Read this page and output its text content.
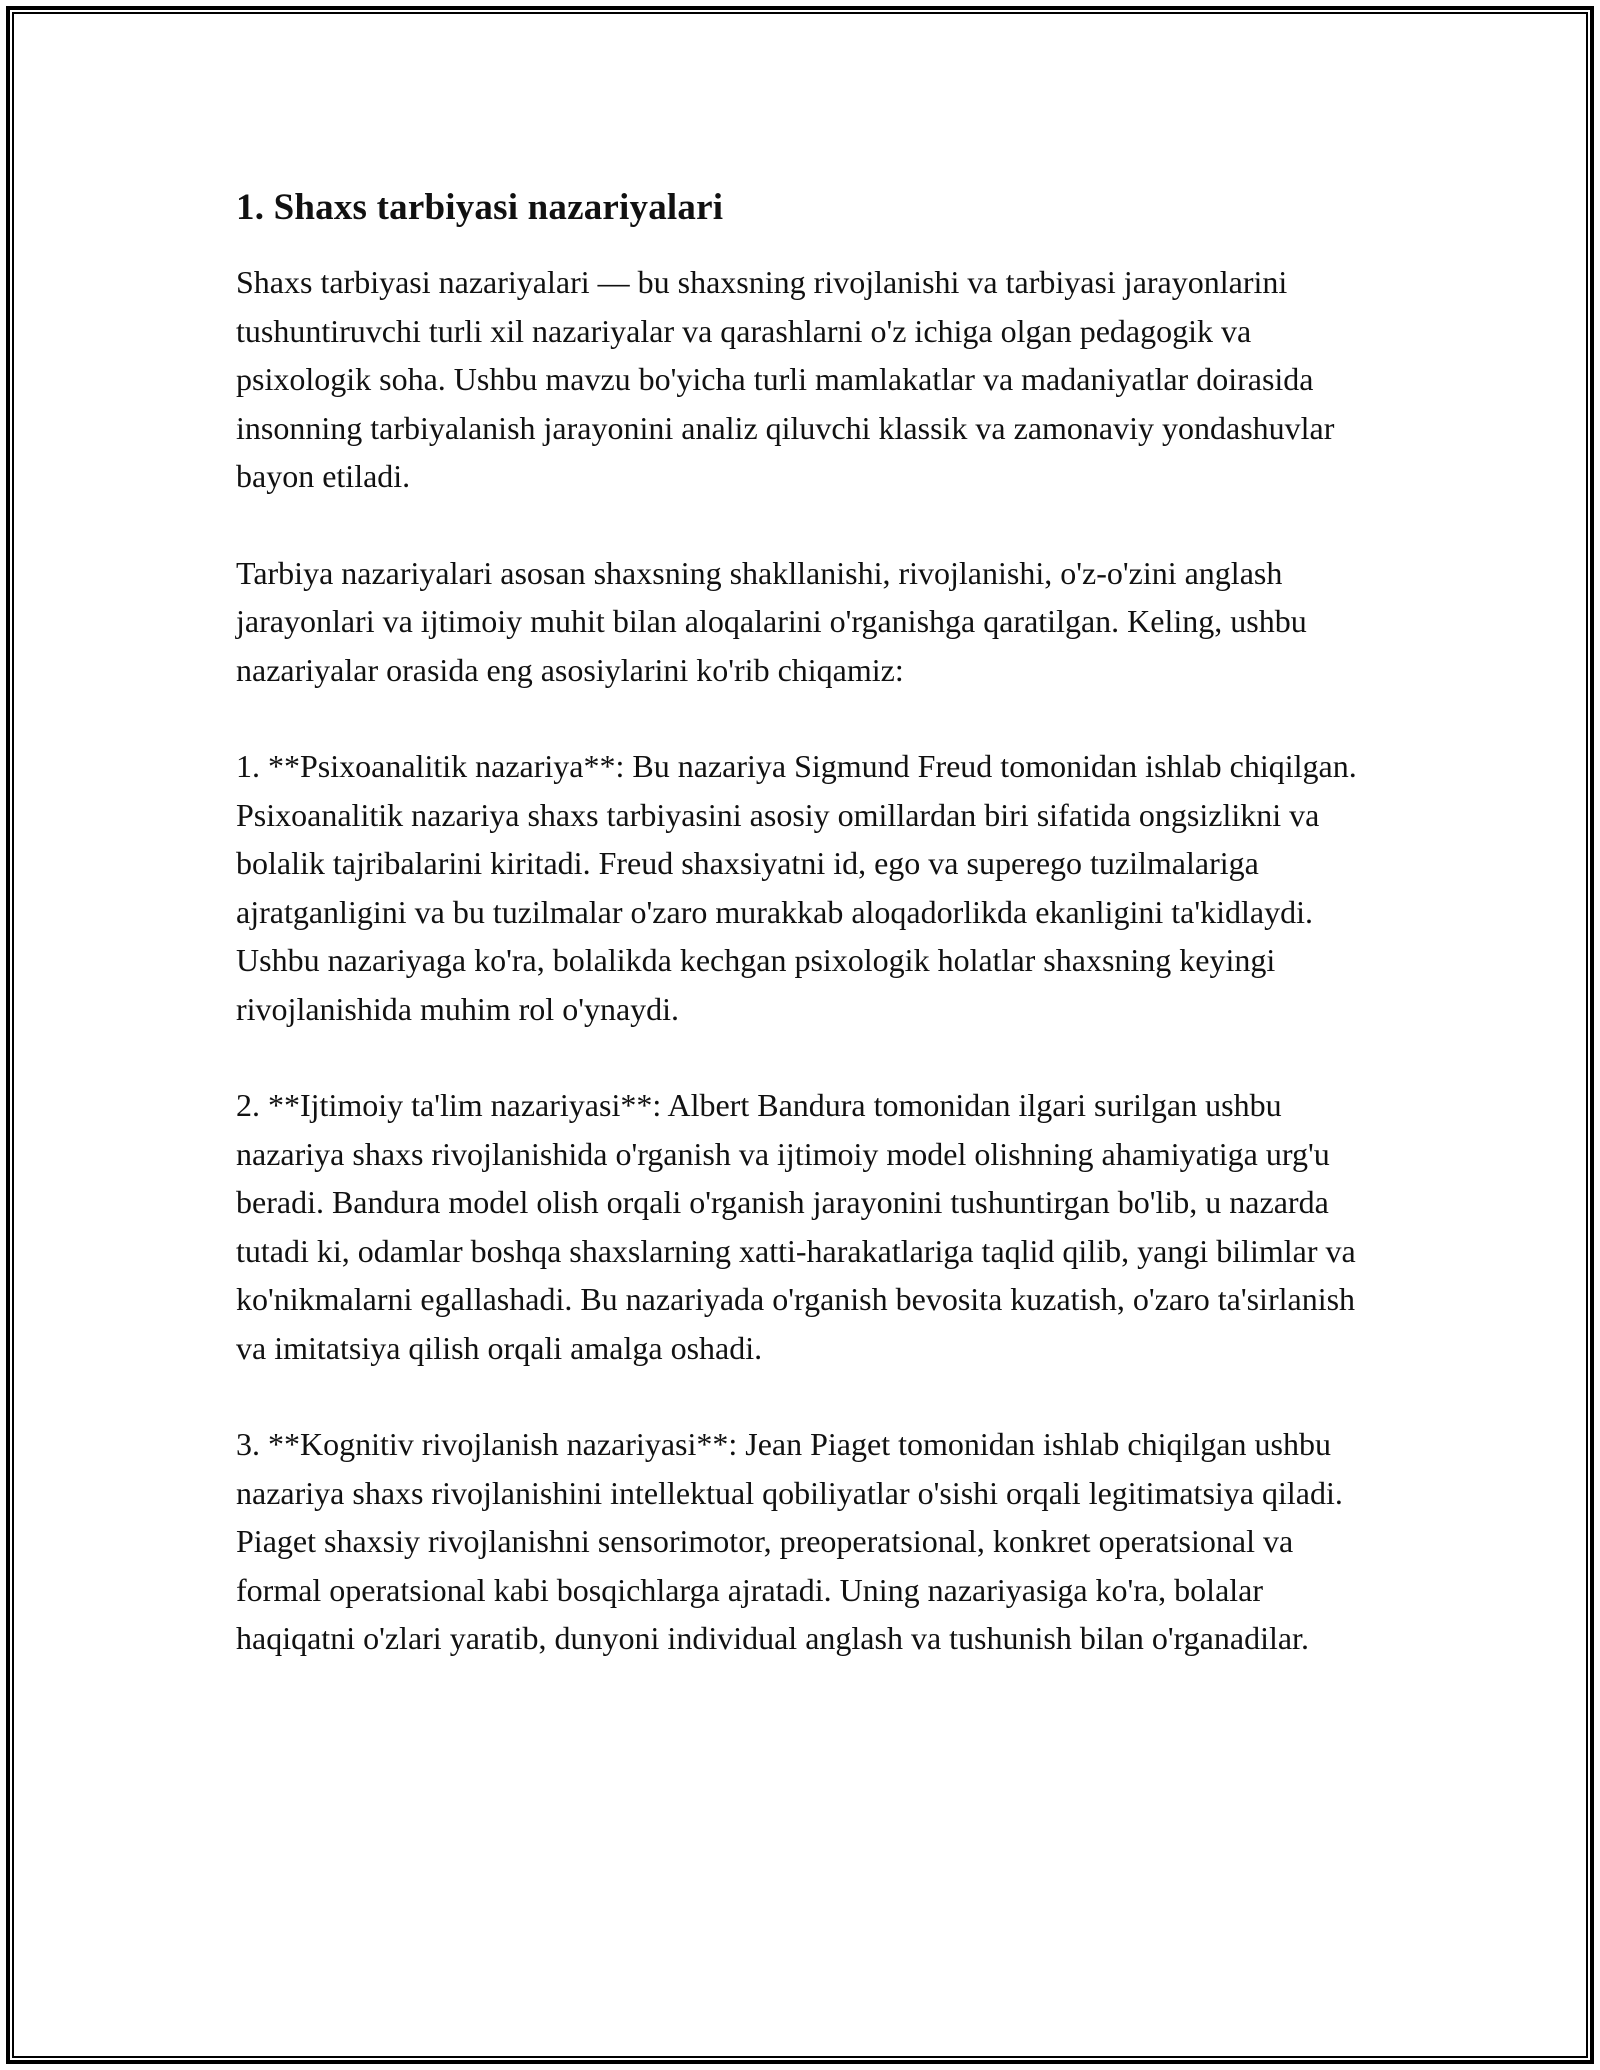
1. Shaxs tarbiyasi nazariyalari

Shaxs tarbiyasi nazariyalari — bu shaxsning rivojlanishi va tarbiyasi jarayonlarini tushuntiruvchi turli xil nazariyalar va qarashlarni o'z ichiga olgan pedagogik va psixologik soha. Ushbu mavzu bo'yicha turli mamlakatlar va madaniyatlar doirasida insonning tarbiyalanish jarayonini analiz qiluvchi klassik va zamonaviy yondashuvlar bayon etiladi.

Tarbiya nazariyalari asosan shaxsning shakllanishi, rivojlanishi, o'z-o'zini anglash jarayonlari va ijtimoiy muhit bilan aloqalarini o'rganishga qaratilgan. Keling, ushbu nazariyalar orasida eng asosiylarini ko'rib chiqamiz:

1. **Psixoanalitik nazariya**: Bu nazariya Sigmund Freud tomonidan ishlab chiqilgan. Psixoanalitik nazariya shaxs tarbiyasini asosiy omillardan biri sifatida ongsizlikni va bolalik tajribalarini kiritadi. Freud shaxsiyatni id, ego va superego tuzilmalariga ajratganligini va bu tuzilmalar o'zaro murakkab aloqadorlikda ekanligini ta'kidlaydi. Ushbu nazariyaga ko'ra, bolalikda kechgan psixologik holatlar shaxsning keyingi rivojlanishida muhim rol o'ynaydi.

2. **Ijtimoiy ta'lim nazariyasi**: Albert Bandura tomonidan ilgari surilgan ushbu nazariya shaxs rivojlanishida o'rganish va ijtimoiy model olishning ahamiyatiga urg'u beradi. Bandura model olish orqali o'rganish jarayonini tushuntirgan bo'lib, u nazarda tutadi ki, odamlar boshqa shaxslarning xatti-harakatlariga taqlid qilib, yangi bilimlar va ko'nikmalarni egallashadi. Bu nazariyada o'rganish bevosita kuzatish, o'zaro ta'sirlanish va imitatsiya qilish orqali amalga oshadi.

3. **Kognitiv rivojlanish nazariyasi**: Jean Piaget tomonidan ishlab chiqilgan ushbu nazariya shaxs rivojlanishini intellektual qobiliyatlar o'sishi orqali legitimatsiya qiladi. Piaget shaxsiy rivojlanishni sensorimotor, preoperatsional, konkret operatsional va formal operatsional kabi bosqichlarga ajratadi. Uning nazariyasiga ko'ra, bolalar haqiqatni o'zlari yaratib, dunyoni individual anglash va tushunish bilan o'rganadilar.
